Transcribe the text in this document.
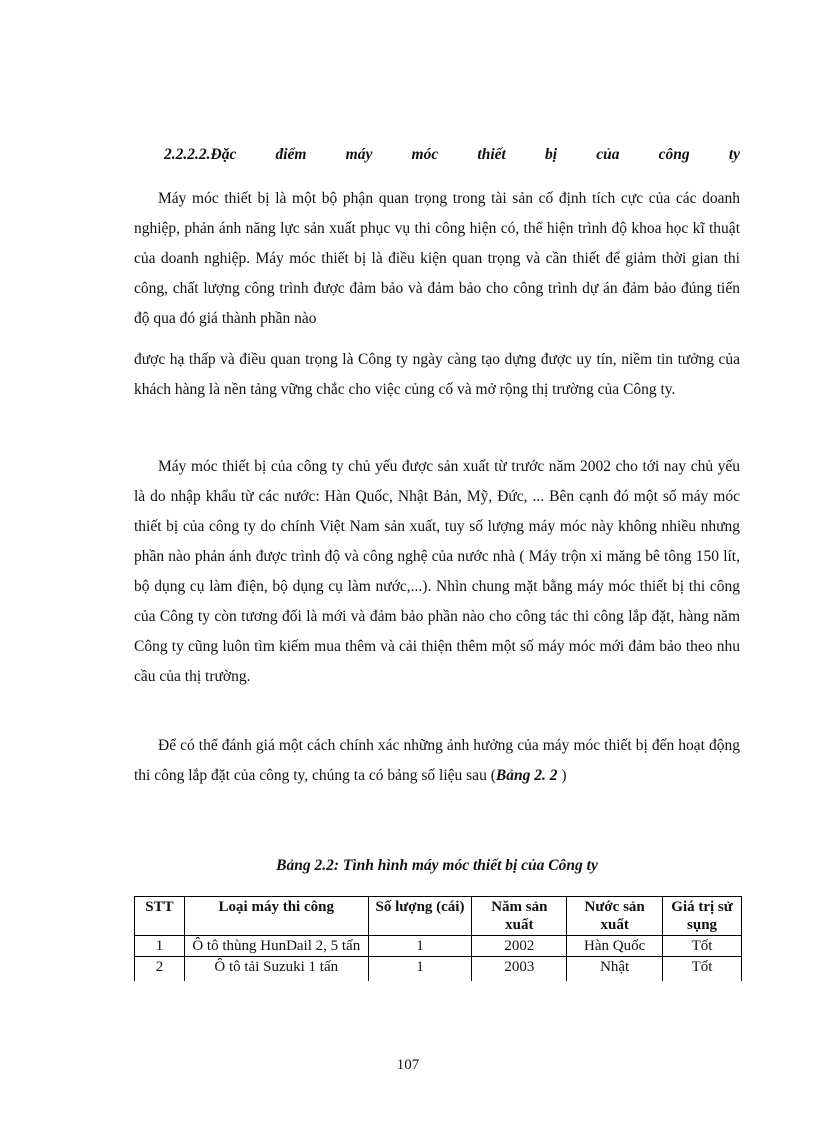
2.2.2.2.Đặc	điểm	máy	móc	thiết	bị	của	công	ty

Máy móc thiết bị là một bộ phận quan trọng trong tài sản cố định tích cực của các doanh nghiệp, phản ánh năng lực sản xuất phục vụ thi công hiện có, thể hiện trình độ khoa học kĩ thuật của doanh nghiệp. Máy móc thiết bị là điều kiện quan trọng và cần thiết để giảm thời gian thi công, chất lượng công trình được đảm bảo và đảm bảo cho công trình dự án đảm bảo đúng tiến độ qua đó giá thành phần nào

được hạ thấp và điều quan trọng là Công ty ngày càng tạo dựng được uy tín, niềm tin tưởng của khách hàng là nền tảng vững chắc cho việc củng cố và mở rộng thị trường của Công ty.

Máy móc thiết bị của công ty chủ yếu được sản xuất từ trước năm 2002 cho tới nay chủ yếu là do nhập khẩu từ các nước: Hàn Quốc, Nhật Bản, Mỹ, Đức, ... Bên cạnh đó một số máy móc thiết bị của công ty do chính Việt Nam sản xuất, tuy số lượng máy móc này không nhiều nhưng phần nào phản ánh được trình độ và công nghệ của nước nhà ( Máy trộn xi măng bê tông 150 lít, bộ dụng cụ làm điện, bộ dụng cụ làm nước,...). Nhìn chung mặt bằng máy móc thiết bị thi công của Công ty còn tương đối là mới và đảm bảo phần nào cho công tác thi công lắp đặt, hàng năm Công ty cũng luôn tìm kiếm mua thêm và cải thiện thêm một số máy móc mới đảm bảo theo nhu cầu của thị trường.

Để có thể đánh giá một cách chính xác những ảnh hưởng của máy móc thiết bị đến hoạt động thi công lắp đặt của công ty, chúng ta có bảng số liệu sau (Bảng 2. 2 )

Bảng 2.2: Tình hình máy móc thiết bị của Công ty
STT	Loại máy thi công	Số lượng (cái)	Năm sản xuất	Nước sản xuất	Giá trị sử sụng
1	Ô tô thùng HunDail 2, 5 tấn	1	2002	Hàn Quốc	Tốt
2	Ô tô tải Suzuki 1 tấn	1	2003	Nhật	Tốt
107
